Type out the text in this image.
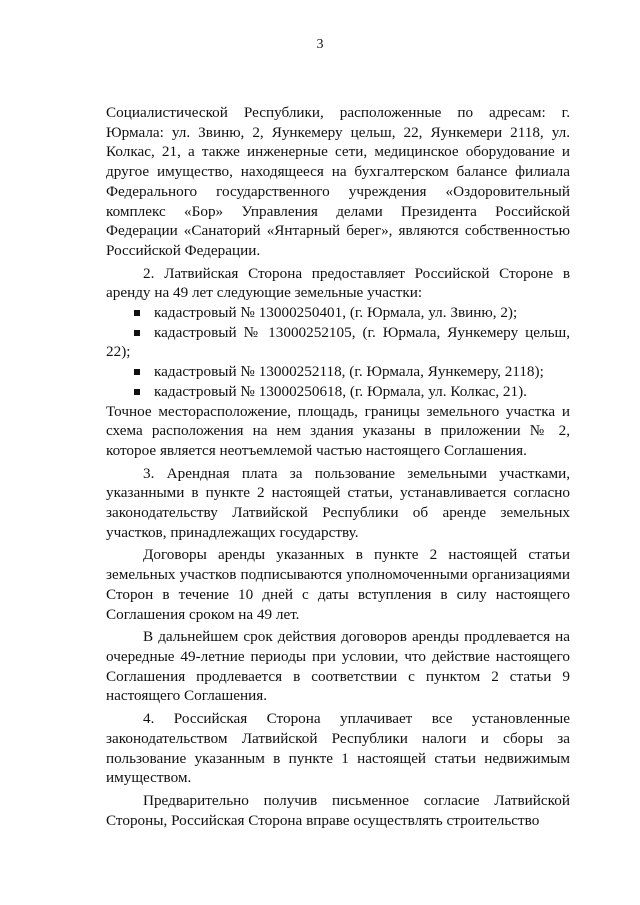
3

Социалистической Республики, расположенные по адресам: г. Юрмала: ул. Звиню, 2, Яункемеру цельш, 22, Яункемери 2118, ул. Колкас, 21, а также инженерные сети, медицинское оборудование и другое имущество, находящееся на бухгалтерском балансе филиала Федерального государственного учреждения «Оздоровительный комплекс «Бор» Управления делами Президента Российской Федерации «Санаторий «Янтарный берег», являются собственностью Российской Федерации.

2. Латвийская Сторона предоставляет Российской Стороне в аренду на 49 лет следующие земельные участки:

кадастровый № 13000250401, (г. Юрмала, ул. Звиню, 2);

кадастровый № 13000252105, (г. Юрмала, Яункемеру цельш, 22);

кадастровый № 13000252118, (г. Юрмала, Яункемеру, 2118);

кадастровый № 13000250618, (г. Юрмала, ул. Колкас, 21).

Точное месторасположение, площадь, границы земельного участка и схема расположения на нем здания указаны в приложении № 2, которое является неотъемлемой частью настоящего Соглашения.

3. Арендная плата за пользование земельными участками, указанными в пункте 2 настоящей статьи, устанавливается согласно законодательству Латвийской Республики об аренде земельных участков, принадлежащих государству.

Договоры аренды указанных в пункте 2 настоящей статьи земельных участков подписываются уполномоченными организациями Сторон в течение 10 дней с даты вступления в силу настоящего Соглашения сроком на 49 лет.

В дальнейшем срок действия договоров аренды продлевается на очередные 49-летние периоды при условии, что действие настоящего Соглашения продлевается в соответствии с пунктом 2 статьи 9 настоящего Соглашения.

4. Российская Сторона уплачивает все установленные законодательством Латвийской Республики налоги и сборы за пользование указанным в пункте 1 настоящей статьи недвижимым имуществом.

Предварительно получив письменное согласие Латвийской Стороны, Российская Сторона вправе осуществлять строительство
